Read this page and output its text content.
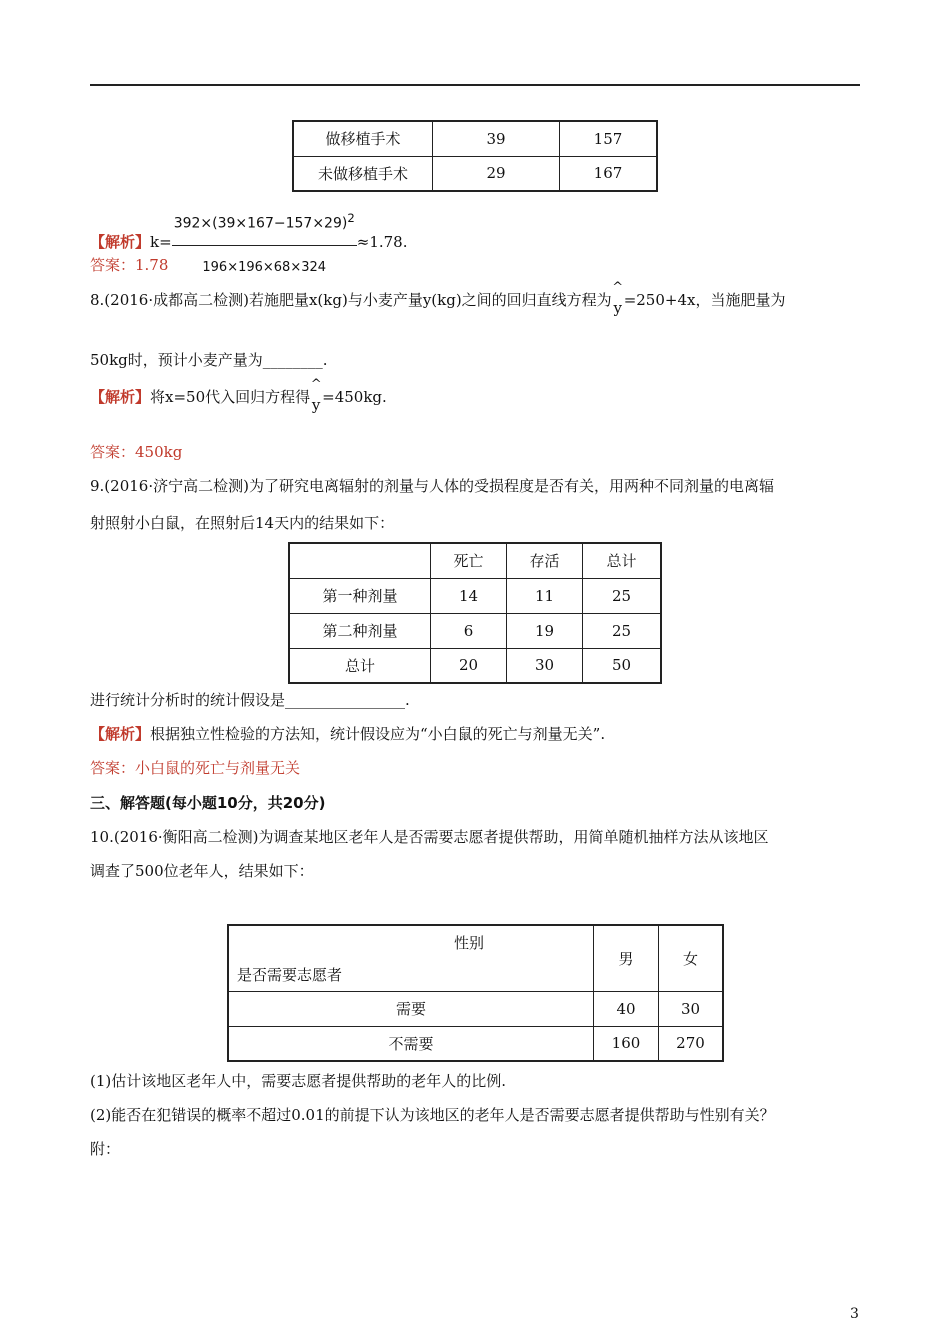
做移植手术	39	157
未做移植手术	29	167
【解析】$k= \frac{392\times(39\times 167-157\times 29)^2}{196\times 196\times 68\times 324} \approx 1.78$.
答案：1.78
8.(2016·成都高二检测)若施肥量x(kg)与小麦产量y(kg)之间的回归直线方程为
^
y =250+4x，当施肥量为
50kg时，预计小麦产量为________.
【解析】将x=50代入回归方程得
^
y =450kg.
答案：450kg
9.(2016·济宁高二检测)为了研究电离辐射的剂量与人体的受损程度是否有关，用两种不同剂量的电离辐
射照射小白鼠，在照射后14天内的结果如下：
	死亡	存活	总计
第一种剂量	14	11	25
第二种剂量	6	19	25
总计	20	30	50
进行统计分析时的统计假设是________________.
【解析】根据独立性检验的方法知，统计假设应为“小白鼠的死亡与剂量无关”.
答案：小白鼠的死亡与剂量无关
三、解答题(每小题10分，共20分)
10.(2016·衡阳高二检测)为调查某地区老年人是否需要志愿者提供帮助，用简单随机抽样方法从该地区
调查了500位老年人，结果如下：
性别
是否需要志愿者	男	女
需要	40	30
不需要	160	270
(1)估计该地区老年人中，需要志愿者提供帮助的老年人的比例.
(2)能否在犯错误的概率不超过0.01的前提下认为该地区的老年人是否需要志愿者提供帮助与性别有关？
附：
3
